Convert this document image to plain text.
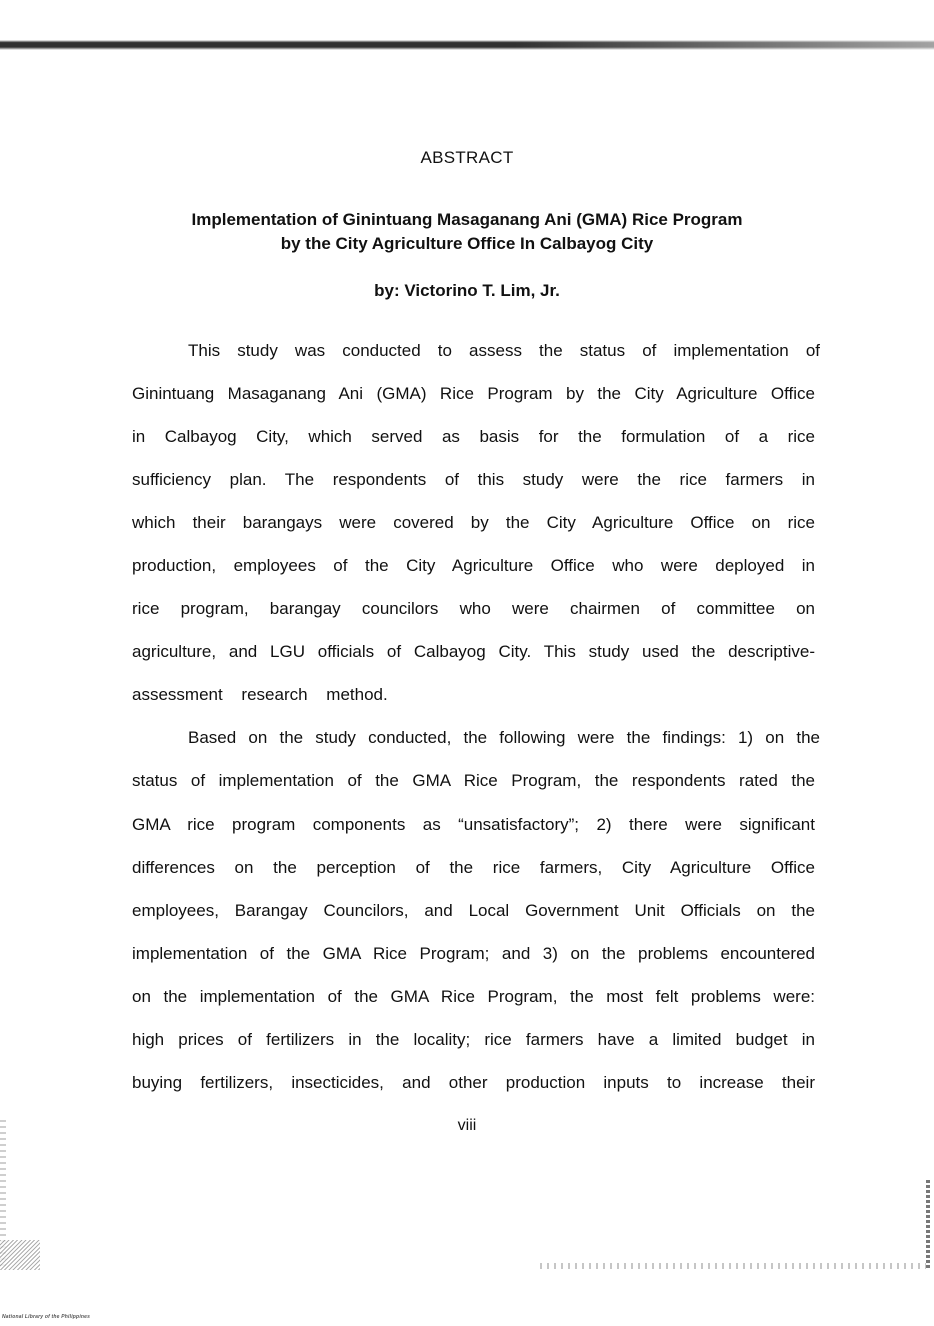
ABSTRACT
Implementation of Ginintuang Masaganang Ani (GMA) Rice Program
by the City Agriculture Office In Calbayog City
by: Victorino T. Lim, Jr.
This study was conducted to assess the status of implementation of
Ginintuang Masaganang Ani (GMA) Rice Program by the City Agriculture Office
in Calbayog City, which served as basis for the formulation of a rice
sufficiency plan. The respondents of this study were the rice farmers in
which their barangays were covered by the City Agriculture Office on rice
production, employees of the City Agriculture Office who were deployed in
rice program, barangay councilors who were chairmen of committee on
agriculture, and LGU officials of Calbayog City. This study used the descriptive-
assessment research method.
Based on the study conducted, the following were the findings: 1) on the
status of implementation of the GMA Rice Program, the respondents rated the
GMA rice program components as “unsatisfactory”; 2) there were significant
differences on the perception of the rice farmers, City Agriculture Office
employees, Barangay Councilors, and Local Government Unit Officials on the
implementation of the GMA Rice Program; and 3) on the problems encountered
on the implementation of the GMA Rice Program, the most felt problems were:
high prices of fertilizers in the locality; rice farmers have a limited budget in
buying fertilizers, insecticides, and other production inputs to increase their
viii
National Library of the Philippines
